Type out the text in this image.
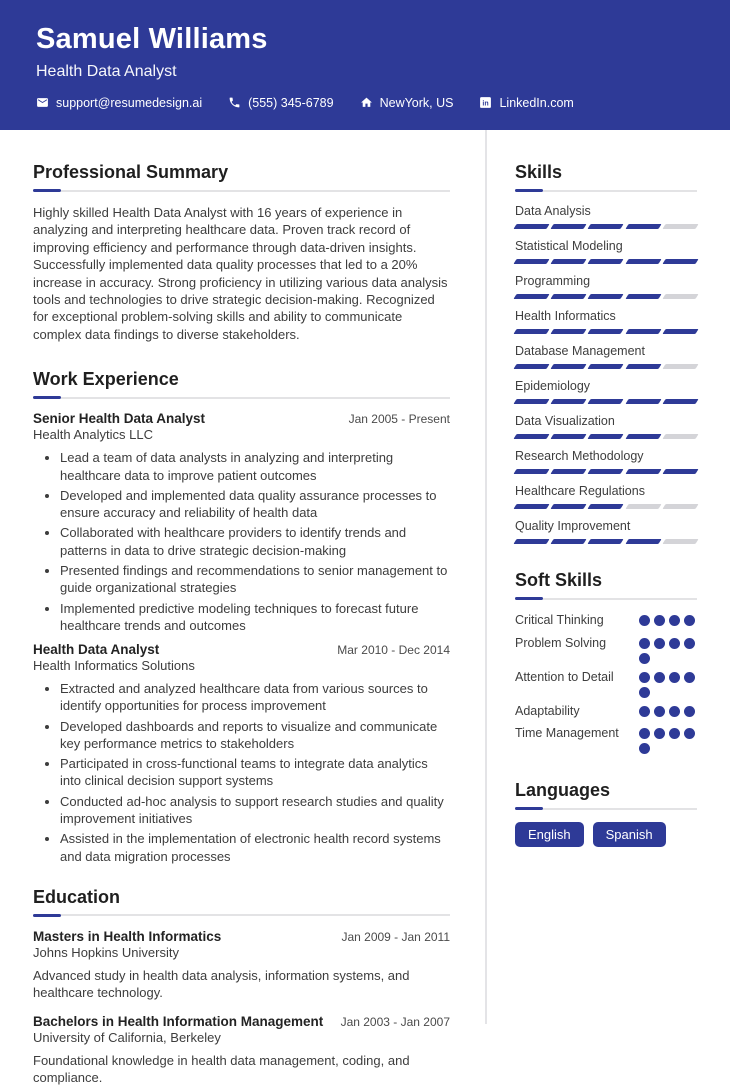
Samuel Williams
Health Data Analyst
support@resumedesign.ai	(555) 345-6789	NewYork, US in LinkedIn.com
Professional Summary

Highly skilled Health Data Analyst with 16 years of experience in analyzing and interpreting healthcare data. Proven track record of improving efficiency and performance through data-driven insights. Successfully implemented data quality processes that led to a 20% increase in accuracy. Strong proficiency in utilizing various data analysis tools and technologies to drive strategic decision-making. Recognized for exceptional problem-solving skills and ability to communicate complex data findings to diverse stakeholders.

Work Experience
Senior Health Data Analyst	Jan 2005 - Present
Health Analytics LLC
• Lead a team of data analysts in analyzing and interpreting healthcare data to improve patient outcomes
• Developed and implemented data quality assurance processes to ensure accuracy and reliability of health data
• Collaborated with healthcare providers to identify trends and patterns in data to drive strategic decision-making
• Presented findings and recommendations to senior management to guide organizational strategies
• Implemented predictive modeling techniques to forecast future healthcare trends and outcomes
Health Data Analyst	Mar 2010 - Dec 2014
Health Informatics Solutions
• Extracted and analyzed healthcare data from various sources to identify opportunities for process improvement
• Developed dashboards and reports to visualize and communicate key performance metrics to stakeholders
• Participated in cross-functional teams to integrate data analytics into clinical decision support systems
• Conducted ad-hoc analysis to support research studies and quality improvement initiatives
• Assisted in the implementation of electronic health record systems and data migration processes
Education
Masters in Health Informatics	Jan 2009 - Jan 2011
Johns Hopkins University
Advanced study in health data analysis, information systems, and healthcare technology.
Bachelors in Health Information Management Jan 2003 - Jan 2007
University of California, Berkeley
Foundational knowledge in health data management, coding, and compliance.
Skills
Data Analysis
Statistical Modeling
Programming
Health Informatics
Database Management
Epidemiology
Data Visualization
Research Methodology
Healthcare Regulations
Quality Improvement
Soft Skills
Critical Thinking
Problem Solving
Attention to Detail
Adaptability
Time Management
Languages
English	Spanish
